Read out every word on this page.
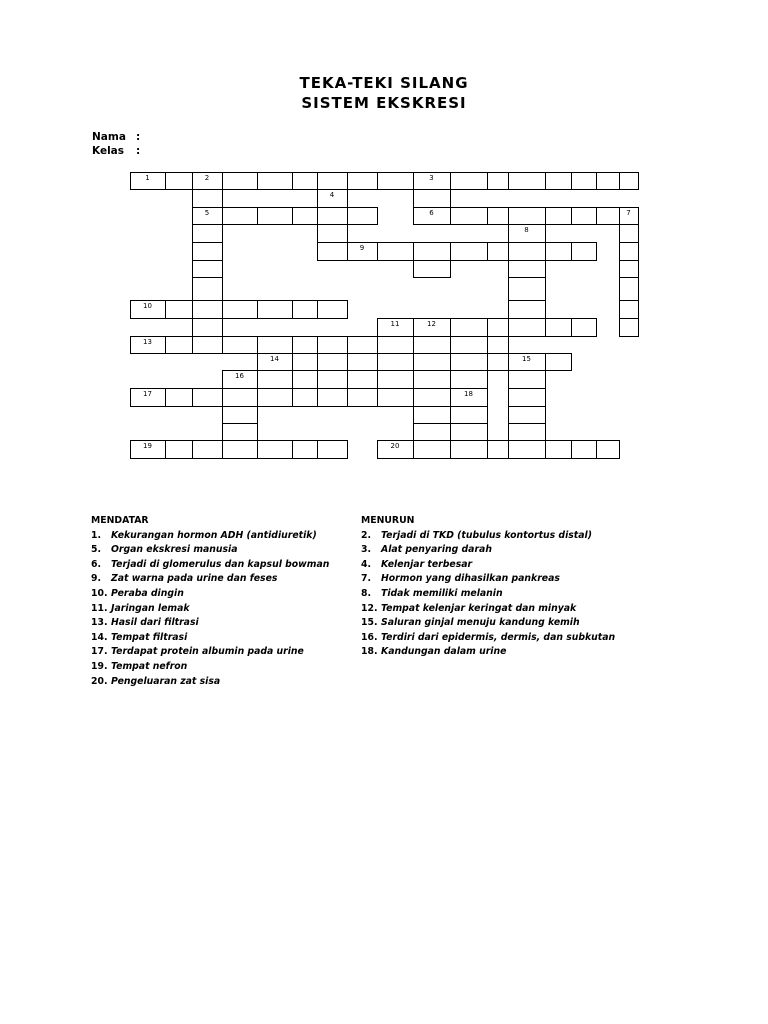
TEKA-TEKI SILANG
SISTEM EKSKRESI
Nama :
Kelas :
1	2	3
4
5	6	7
8
9
10
11	12
13
14	15
16
17	18
19	20
MENDATAR
1. Kekurangan hormon ADH (antidiuretik)
5. Organ ekskresi manusia
6. Terjadi di glomerulus dan kapsul bowman
9. Zat warna pada urine dan feses
10. Peraba dingin
11. Jaringan lemak
13. Hasil dari filtrasi
14. Tempat filtrasi
17. Terdapat protein albumin pada urine
19. Tempat nefron
20. Pengeluaran zat sisa
MENURUN
2. Terjadi di TKD (tubulus kontortus distal)
3. Alat penyaring darah
4. Kelenjar terbesar
7. Hormon yang dihasilkan pankreas
8. Tidak memiliki melanin
12. Tempat kelenjar keringat dan minyak
15. Saluran ginjal menuju kandung kemih
16. Terdiri dari epidermis, dermis, dan subkutan
18. Kandungan dalam urine
